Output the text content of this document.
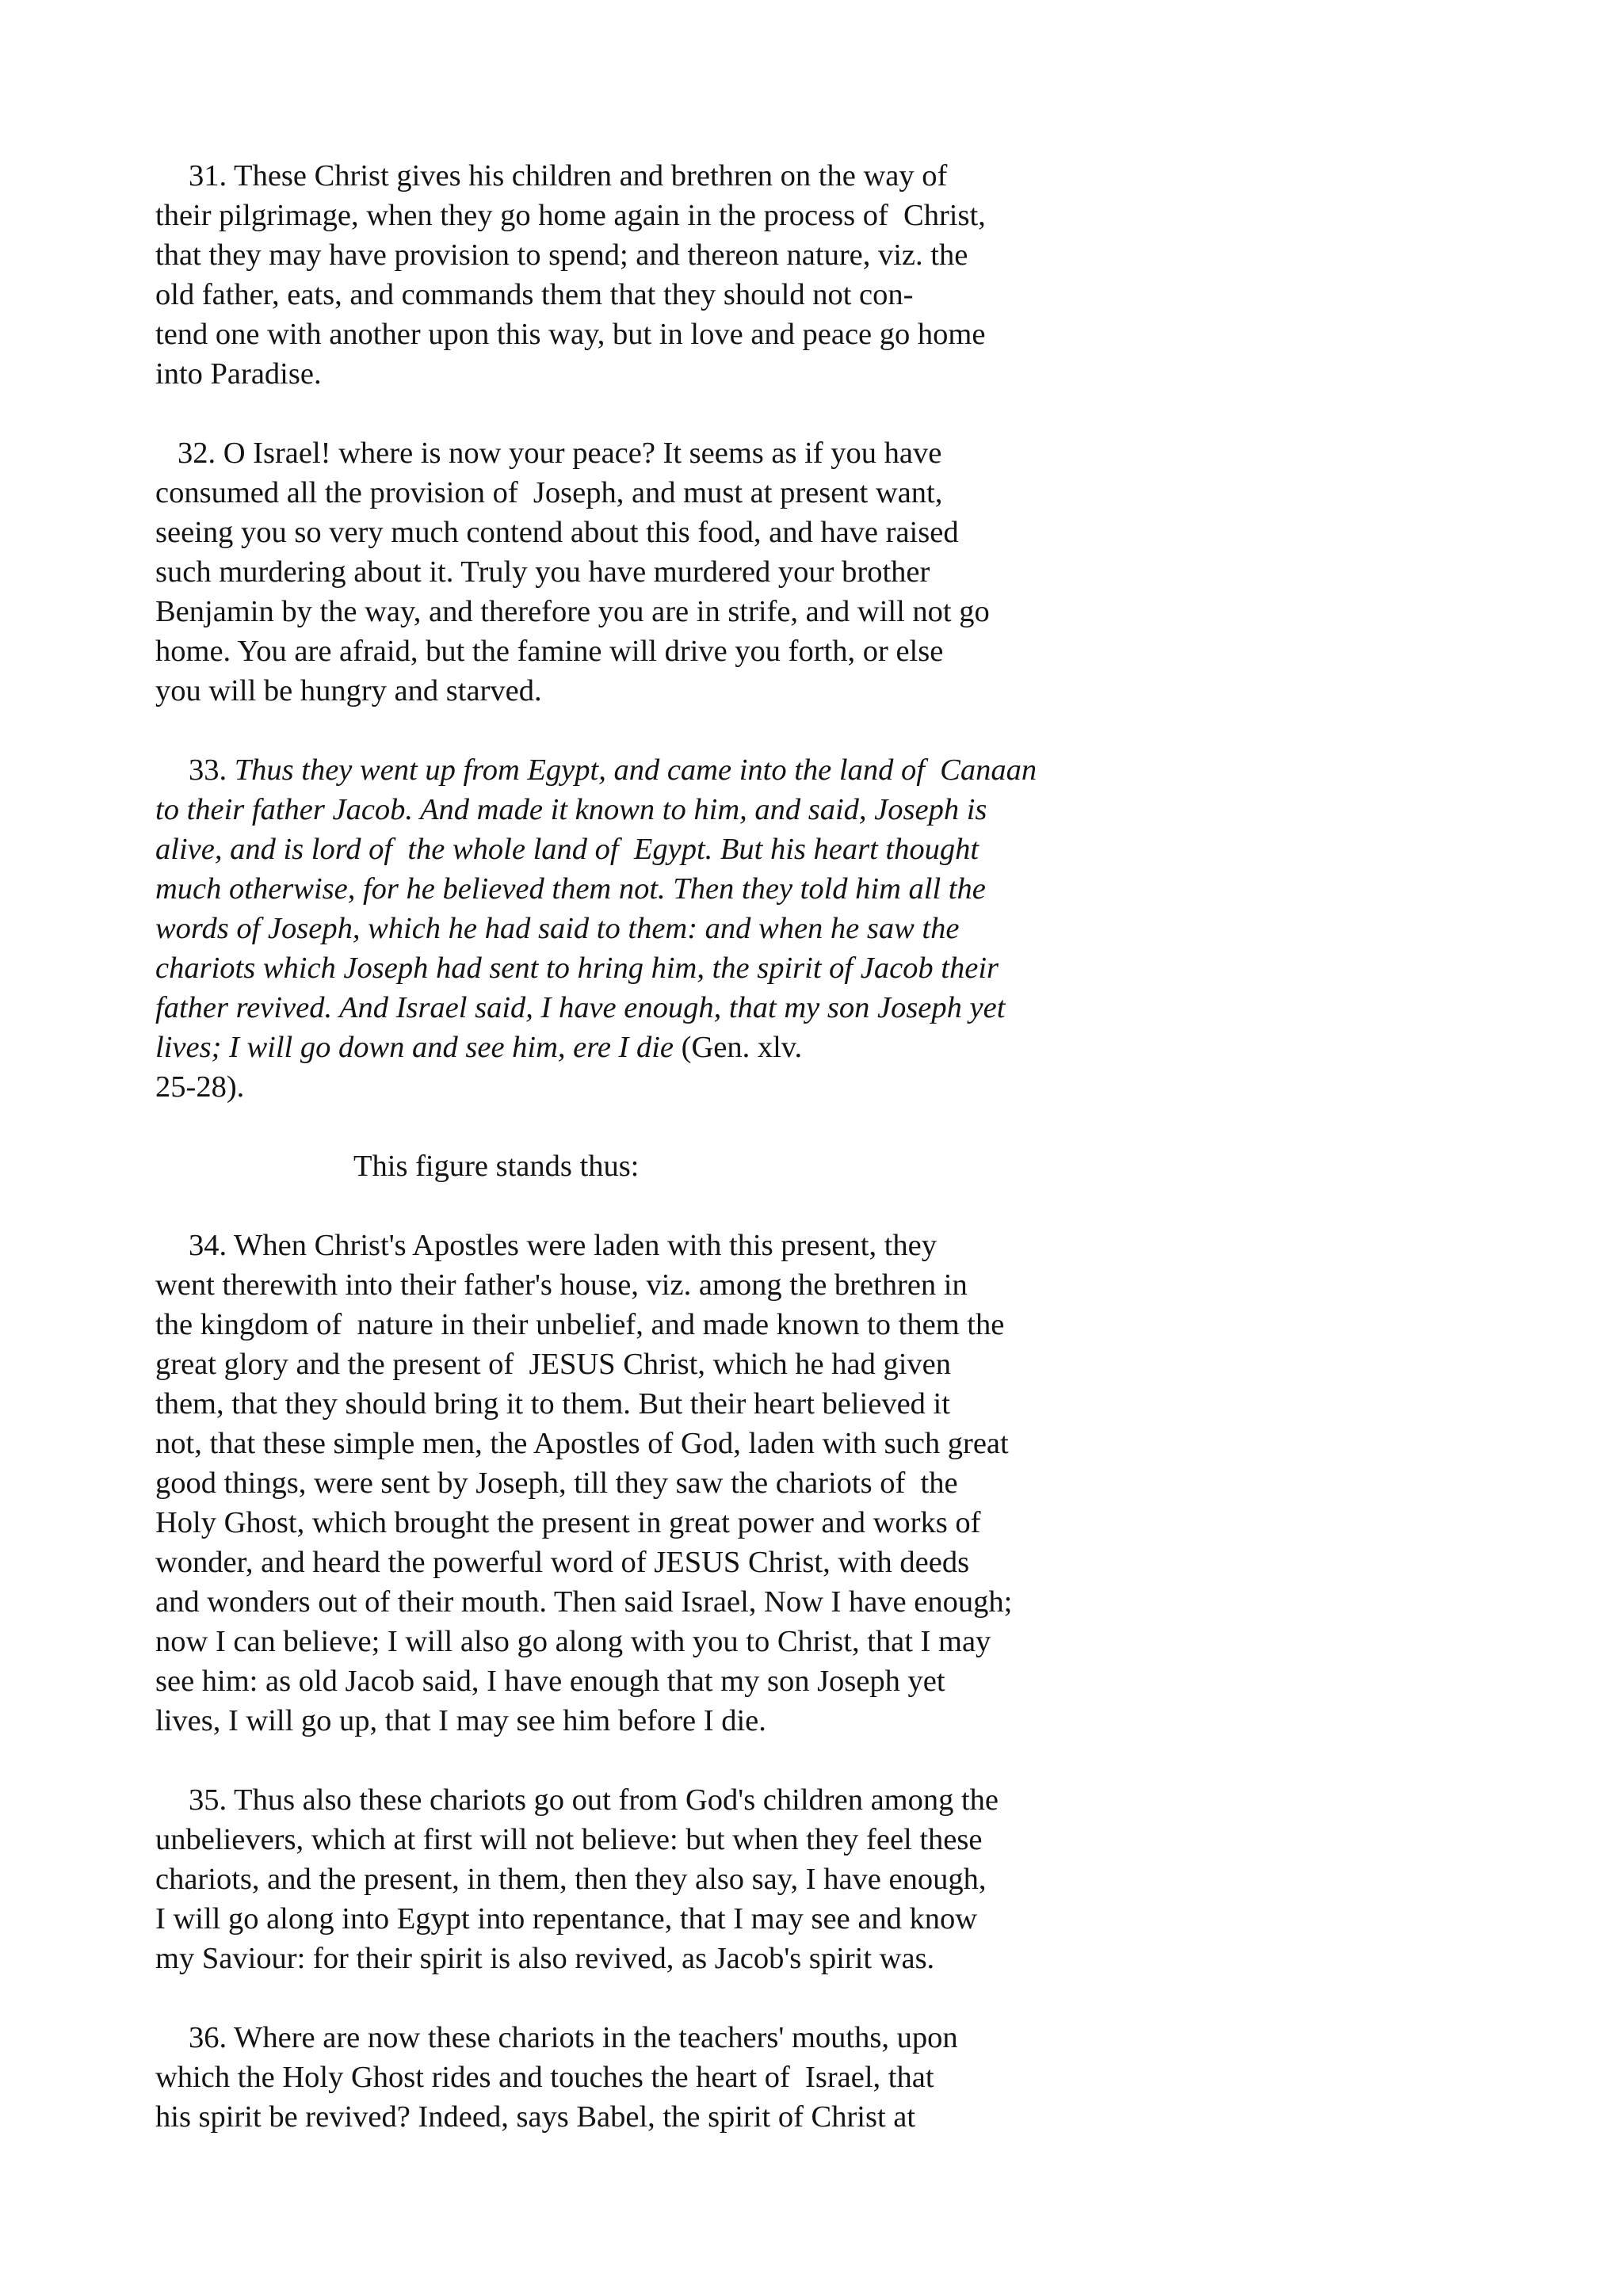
31. These Christ gives his children and brethren on the way of
their pilgrimage, when they go home again in the process of  Christ,
that they may have provision to spend; and thereon nature, viz. the
old father, eats, and commands them that they should not con-
tend one with another upon this way, but in love and peace go home
into Paradise.
32. O Israel! where is now your peace? It seems as if you have
consumed all the provision of  Joseph, and must at present want,
seeing you so very much contend about this food, and have raised
such murdering about it. Truly you have murdered your brother
Benjamin by the way, and therefore you are in strife, and will not go
home. You are afraid, but the famine will drive you forth, or else
you will be hungry and starved.
33. Thus they went up from Egypt, and came into the land of  Canaan
to their father Jacob. And made it known to him, and said, Joseph is
alive, and is lord of  the whole land of  Egypt. But his heart thought
much otherwise, for he believed them not. Then they told him all the
words of Joseph, which he had said to them: and when he saw the
chariots which Joseph had sent to hring him, the spirit of Jacob their
father revived. And Israel said, I have enough, that my son Joseph yet
lives; I will go down and see him, ere I die (Gen. xlv.
25-28).
This figure stands thus:
34. When Christ's Apostles were laden with this present, they
went therewith into their father's house, viz. among the brethren in
the kingdom of  nature in their unbelief, and made known to them the
great glory and the present of  JESUS Christ, which he had given
them, that they should bring it to them. But their heart believed it
not, that these simple men, the Apostles of God, laden with such great
good things, were sent by Joseph, till they saw the chariots of  the
Holy Ghost, which brought the present in great power and works of
wonder, and heard the powerful word of JESUS Christ, with deeds
and wonders out of their mouth. Then said Israel, Now I have enough;
now I can believe; I will also go along with you to Christ, that I may
see him: as old Jacob said, I have enough that my son Joseph yet
lives, I will go up, that I may see him before I die.
35. Thus also these chariots go out from God's children among the
unbelievers, which at first will not believe: but when they feel these
chariots, and the present, in them, then they also say, I have enough,
I will go along into Egypt into repentance, that I may see and know
my Saviour: for their spirit is also revived, as Jacob's spirit was.
36. Where are now these chariots in the teachers' mouths, upon
which the Holy Ghost rides and touches the heart of  Israel, that
his spirit be revived? Indeed, says Babel, the spirit of Christ at
